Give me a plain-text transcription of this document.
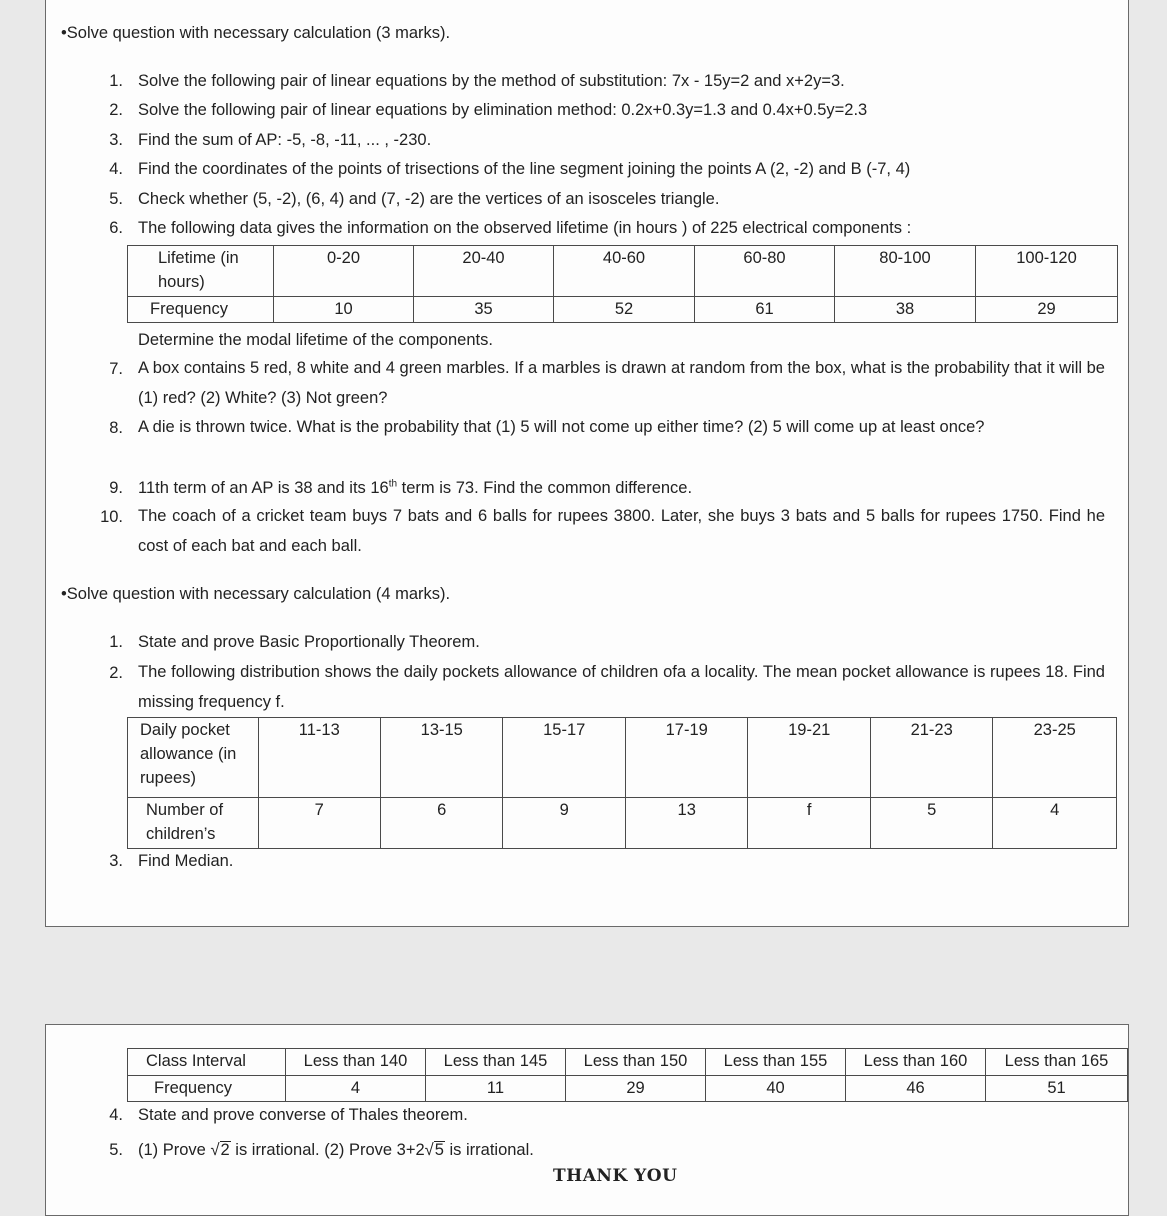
•Solve question with necessary calculation (3 marks).
1. Solve the following pair of linear equations by the method of substitution: 7x - 15y=2 and x+2y=3.
2. Solve the following pair of linear equations by elimination method: 0.2x+0.3y=1.3 and 0.4x+0.5y=2.3
3. Find the sum of AP: -5, -8, -11, ... , -230.
4. Find the coordinates of the points of trisections of the line segment joining the points A (2, -2) and B (-7, 4)
5. Check whether (5, -2), (6, 4) and (7, -2) are the vertices of an isosceles triangle.
6. The following data gives the information on the observed lifetime (in hours ) of 225 electrical components :
Lifetime (in hours)	0-20	20-40	40-60	60-80	80-100	100-120
Frequency	10	35	52	61	38	29
Determine the modal lifetime of the components.
7. A box contains 5 red, 8 white and 4 green marbles. If a marbles is drawn at random from the box, what is the probability that it will be (1) red? (2) White? (3) Not green?
8. A die is thrown twice. What is the probability that (1) 5 will not come up either time? (2) 5 will come up at least once?
9. 11th term of an AP is 38 and its 16th term is 73. Find the common difference.
10. The coach of a cricket team buys 7 bats and 6 balls for rupees 3800. Later, she buys 3 bats and 5 balls for rupees 1750. Find he cost of each bat and each ball.
•Solve question with necessary calculation (4 marks).
1. State and prove Basic Proportionally Theorem.
2. The following distribution shows the daily pockets allowance of children ofa a locality. The mean pocket allowance is rupees 18. Find missing frequency f.
Daily pocket allowance (in rupees)	11-13	13-15	15-17	17-19	19-21	21-23	23-25
Number of children’s	7	6	9	13	f	5	4
3. Find Median.
Class Interval	Less than 140	Less than 145	Less than 150	Less than 155	Less than 160	Less than 165
Frequency	4	11	29	40	46	51
4. State and prove converse of Thales theorem.
5. (1) Prove √2 is irrational. (2) Prove 3+2√5 is irrational.
THANK YOU
